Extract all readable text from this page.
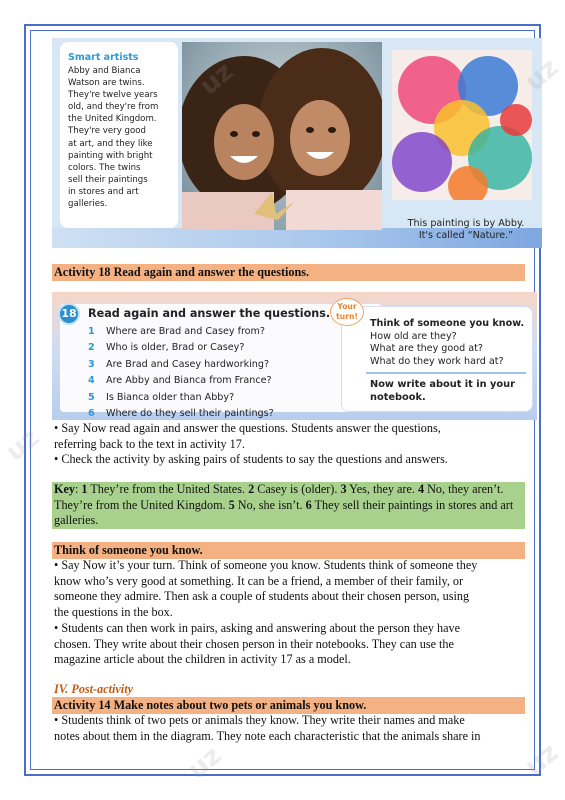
Smart artists
Abby and Bianca
Watson are twins.
They're twelve years
old, and they're from
the United Kingdom.
They're very good
at art, and they like
painting with bright
colors. The twins
sell their paintings
in stores and art
galleries.
This painting is by Abby.
It's called “Nature.”
Activity 18 Read again and answer the questions.
18 Read again and answer the questions.
1 Where are Brad and Casey from?
2 Who is older, Brad or Casey?
3 Are Brad and Casey hardworking?
4 Are Abby and Bianca from France?
5 Is Bianca older than Abby?
6 Where do they sell their paintings?
Your
turn!
Think of someone you know.
How old are they?
What are they good at?
What do they work hard at?
Now write about it in your
notebook.
• Say Now read again and answer the questions. Students answer the questions,
referring back to the text in activity 17.
• Check the activity by asking pairs of students to say the questions and answers.
Key: 1 They’re from the United States. 2 Casey is (older). 3 Yes, they are. 4 No, they aren’t. They’re from the United Kingdom. 5 No, she isn’t. 6 They sell their paintings in stores and art galleries.
Think of someone you know.
• Say Now it’s your turn. Think of someone you know. Students think of someone they
know who’s very good at something. It can be a friend, a member of their family, or
someone they admire. Then ask a couple of students about their chosen person, using
the questions in the box.
• Students can then work in pairs, asking and answering about the person they have
chosen. They write about their chosen person in their notebooks. They can use the
magazine article about the children in activity 17 as a model.
IV. Post-activity
Activity 14 Make notes about two pets or animals you know.
• Students think of two pets or animals they know. They write their names and make
notes about them in the diagram. They note each characteristic that the animals share in
uz
uz	uz
